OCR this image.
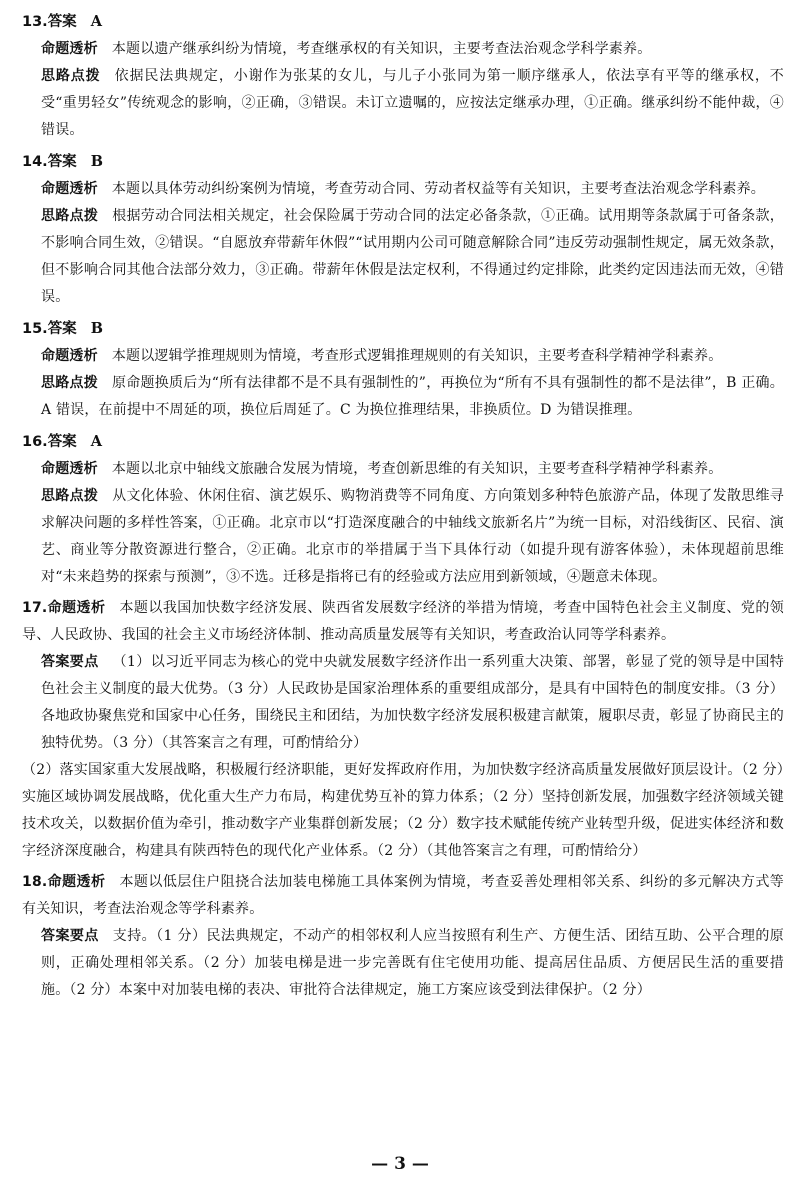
13.答案 A
命题透析 本题以遗产继承纠纷为情境，考查继承权的有关知识，主要考查法治观念学科学素养。
思路点拨 依据民法典规定，小谢作为张某的女儿，与儿子小张同为第一顺序继承人，依法享有平等的继承权，不受“重男轻女”传统观念的影响，②正确，③错误。未订立遗嘱的，应按法定继承办理，①正确。继承纠纷不能仲裁，④错误。
14.答案 B
命题透析 本题以具体劳动纠纷案例为情境，考查劳动合同、劳动者权益等有关知识，主要考查法治观念学科素养。
思路点拨 根据劳动合同法相关规定，社会保险属于劳动合同的法定必备条款，①正确。试用期等条款属于可备条款，不影响合同生效，②错误。“自愿放弃带薪年休假”“试用期内公司可随意解除合同”违反劳动强制性规定，属无效条款，但不影响合同其他合法部分效力，③正确。带薪年休假是法定权利，不得通过约定排除，此类约定因违法而无效，④错误。
15.答案 B
命题透析 本题以逻辑学推理规则为情境，考查形式逻辑推理规则的有关知识，主要考查科学精神学科素养。
思路点拨 原命题换质后为“所有法律都不是不具有强制性的”，再换位为“所有不具有强制性的都不是法律”，B 正确。A 错误，在前提中不周延的项，换位后周延了。C 为换位推理结果，非换质位。D 为错误推理。
16.答案 A
命题透析 本题以北京中轴线文旅融合发展为情境，考查创新思维的有关知识，主要考查科学精神学科素养。
思路点拨 从文化体验、休闲住宿、演艺娱乐、购物消费等不同角度、方向策划多种特色旅游产品，体现了发散思维寻求解决问题的多样性答案，①正确。北京市以“打造深度融合的中轴线文旅新名片”为统一目标，对沿线街区、民宿、演艺、商业等分散资源进行整合，②正确。北京市的举措属于当下具体行动（如提升现有游客体验），未体现超前思维对“未来趋势的探索与预测”，③不选。迁移是指将已有的经验或方法应用到新领域，④题意未体现。
17.命题透析 本题以我国加快数字经济发展、陕西省发展数字经济的举措为情境，考查中国特色社会主义制度、党的领导、人民政协、我国的社会主义市场经济体制、推动高质量发展等有关知识，考查政治认同等学科素养。
答案要点 （1）以习近平同志为核心的党中央就发展数字经济作出一系列重大决策、部署，彰显了党的领导是中国特色社会主义制度的最大优势。（3 分）人民政协是国家治理体系的重要组成部分，是具有中国特色的制度安排。（3 分）各地政协聚焦党和国家中心任务，围绕民主和团结，为加快数字经济发展积极建言献策，履职尽责，彰显了协商民主的独特优势。（3 分）（其答案言之有理，可酌情给分）
（2）落实国家重大发展战略，积极履行经济职能，更好发挥政府作用，为加快数字经济高质量发展做好顶层设计。（2 分）实施区域协调发展战略，优化重大生产力布局，构建优势互补的算力体系；（2 分）坚持创新发展，加强数字经济领域关键技术攻关，以数据价值为牵引，推动数字产业集群创新发展；（2 分）数字技术赋能传统产业转型升级，促进实体经济和数字经济深度融合，构建具有陕西特色的现代化产业体系。（2 分）（其他答案言之有理，可酌情给分）
18.命题透析 本题以低层住户阻挠合法加装电梯施工具体案例为情境，考查妥善处理相邻关系、纠纷的多元解决方式等有关知识，考查法治观念等学科素养。
答案要点 支持。（1 分）民法典规定，不动产的相邻权利人应当按照有利生产、方便生活、团结互助、公平合理的原则，正确处理相邻关系。（2 分）加装电梯是进一步完善既有住宅使用功能、提高居住品质、方便居民生活的重要措施。（2 分）本案中对加装电梯的表决、审批符合法律规定，施工方案应该受到法律保护。（2 分）
— 3 —
